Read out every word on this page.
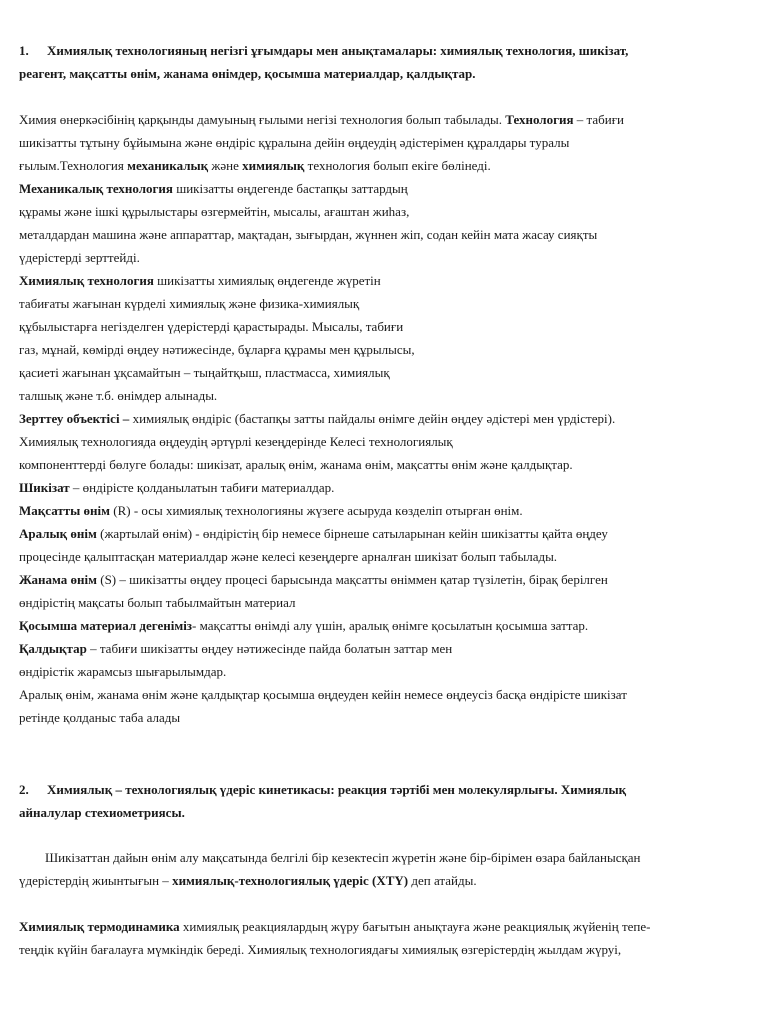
1. Химиялық технологияның негізгі ұғымдары мен анықтамалары: химиялық технология, шикізат,
реагент, мақсатты өнім, жанама өнімдер, қосымша материалдар, қалдықтар.
Химия өнеркәсібінің қарқынды дамуының ғылыми негізі технология болып табылады. Технология – табиғи
шикізатты тұтыну бұйымына және өндіріс құралына дейін өңдеудің әдістерімен құралдары туралы
ғылым.Технология механикалық және химиялық технология болып екіге бөлінеді.
Механикалық технология шикізатты өңдегенде бастапқы заттардың
құрамы және ішкі құрылыстары өзгермейтін, мысалы, ағаштан жиһаз,
металдардан машина және аппараттар, мақтадан, зығырдан, жүннен жіп, содан кейін мата жасау сияқты
үдерістерді зерттейді.
Химиялық технология шикізатты химиялық өңдегенде жүретін
табиғаты жағынан күрделі химиялық және физика-химиялық
құбылыстарға негізделген үдерістерді қарастырады. Мысалы, табиғи
газ, мұнай, көмірді өңдеу нәтижесінде, бұларға құрамы мен құрылысы,
қасиеті жағынан ұқсамайтын – тыңайтқыш, пластмасса, химиялық
талшық және т.б. өнімдер алынады.
Зерттеу объектісі – химиялық өндіріс (бастапқы затты пайдалы өнімге дейін өңдеу әдістері мен үрдістері).
Химиялық технологияда өңдеудің әртүрлі кезеңдерінде Келесі технологиялық
компоненттерді бөлуге болады: шикізат, аралық өнім, жанама өнім, мақсатты өнім және қалдықтар.
Шикізат – өндірісте қолданылатын табиғи материалдар.
Мақсатты өнім (R) - осы химиялық технологияны жүзеге асыруда көзделіп отырған өнім.
Аралық өнім (жартылай өнім) - өндірістің бір немесе бірнеше сатыларынан кейін шикізатты қайта өңдеу
процесінде қалыптасқан материалдар және келесі кезеңдерге арналған шикізат болып табылады.
Жанама өнім (S) – шикізатты өңдеу процесі барысында мақсатты өніммен қатар түзілетін, бірақ берілген
өндірістің мақсаты болып табылмайтын материал
Қосымша материал дегеніміз- мақсатты өнімді алу үшін, аралық өнімге қосылатын қосымша заттар.
Қалдықтар – табиғи шикізатты өңдеу нәтижесінде пайда болатын заттар мен
өндірістік жарамсыз шығарылымдар.
Аралық өнім, жанама өнім және қалдықтар қосымша өңдеуден кейін немесе өңдеусіз басқа өндірісте шикізат
ретінде қолданыс таба алады
2. Химиялық – технологиялық үдеріс кинетикасы: реакция тәртібі мен молекулярлығы. Химиялық
айналулар стехиометриясы.
Шикізаттан дайын өнім алу мақсатында белгілі бір кезектесіп жүретін және бір-бірімен өзара байланысқан
үдерістердің жиынтығын – химиялық-технологиялық үдеріс (ХТҮ) деп атайды.
Химиялық термодинамика химиялық реакциялардың жүру бағытын анықтауға және реакциялық жүйенің тепе-
теңдік күйін бағалауға мүмкіндік береді. Химиялық технологиядағы химиялық өзгерістердің жылдам жүруі,
